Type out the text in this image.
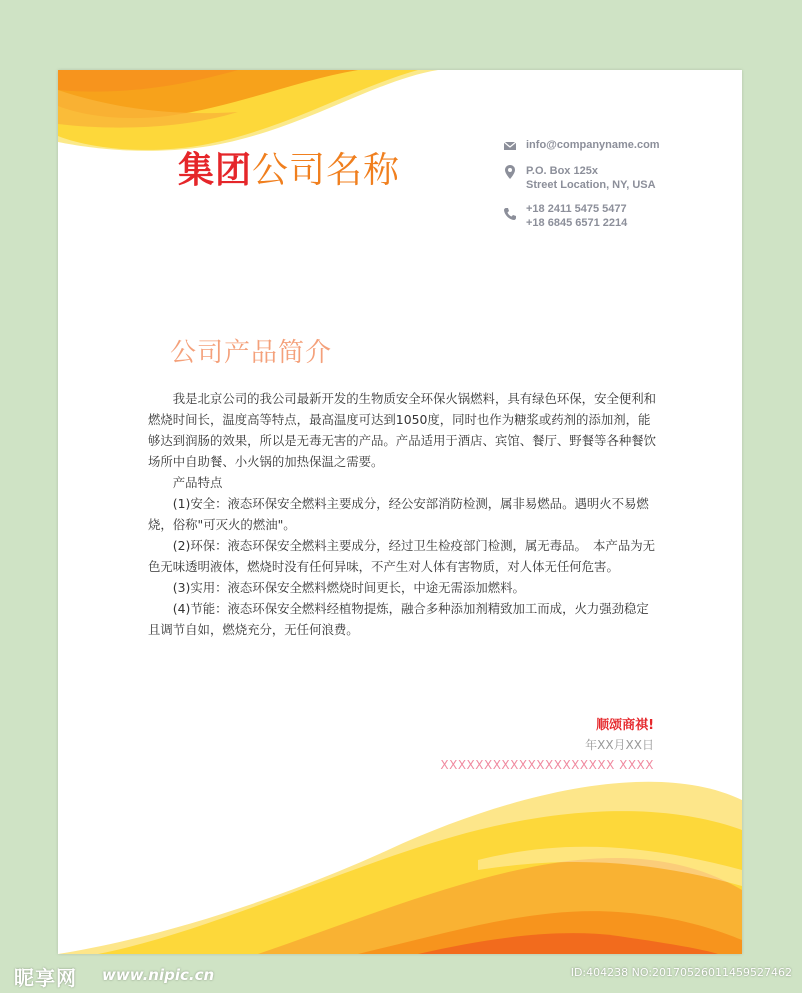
集团公司名称
info@companyname.com
P.O. Box 125x
Street Location, NY, USA
+18 2411 5475 5477
+18 6845 6571 2214
公司产品简介

我是北京公司的我公司最新开发的生物质安全环保火锅燃料，具有绿色环保，安全便利和燃烧时间长，温度高等特点，最高温度可达到1050度，同时也作为糖浆或药剂的添加剂，能够达到润肠的效果，所以是无毒无害的产品。产品适用于酒店、宾馆、餐厅、野餐等各种餐饮场所中自助餐、小火锅的加热保温之需要。

产品特点

(1)安全：液态环保安全燃料主要成分，经公安部消防检测，属非易燃品。遇明火不易燃烧，俗称"可灭火的燃油"。

(2)环保：液态环保安全燃料主要成分，经过卫生检疫部门检测，属无毒品。　本产品为无色无味透明液体，燃烧时没有任何异味，不产生对人体有害物质，对人体无任何危害。

(3)实用：液态环保安全燃料燃烧时间更长，中途无需添加燃料。

(4)节能：液态环保安全燃料经植物提炼，融合多种添加剂精致加工而成，火力强劲稳定且调节自如，燃烧充分，无任何浪费。

顺颂商祺!
年XX月XX日
XXXXXXXXXXXXXXXXXXXX XXXX
昵享网 www.nipic.cn	ID:404238 NO:20170526011459527462
